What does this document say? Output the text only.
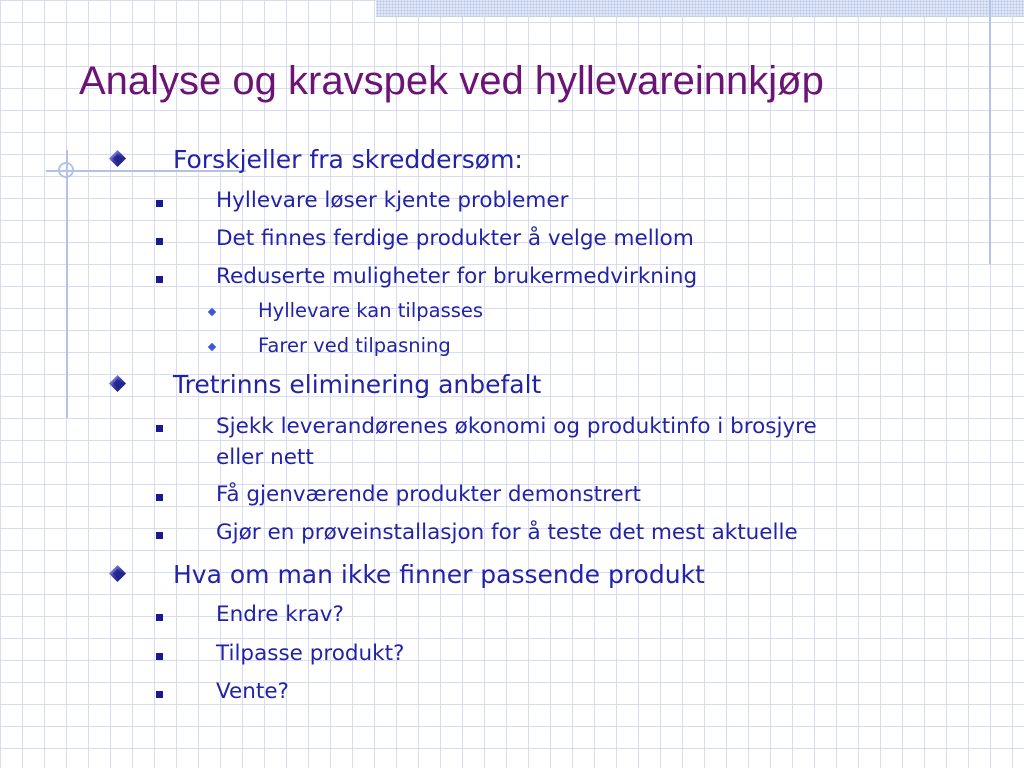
Analyse og kravspek ved hyllevareinnkjøp
Forskjeller fra skreddersøm:
Hyllevare løser kjente problemer
Det finnes ferdige produkter å velge mellom
Reduserte muligheter for brukermedvirkning
Hyllevare kan tilpasses
Farer ved tilpasning
Tretrinns eliminering anbefalt
Sjekk leverandørenes økonomi og produktinfo i brosjyre
eller nett
Få gjenværende produkter demonstrert
Gjør en prøveinstallasjon for å teste det mest aktuelle
Hva om man ikke finner passende produkt
Endre krav?
Tilpasse produkt?
Vente?
